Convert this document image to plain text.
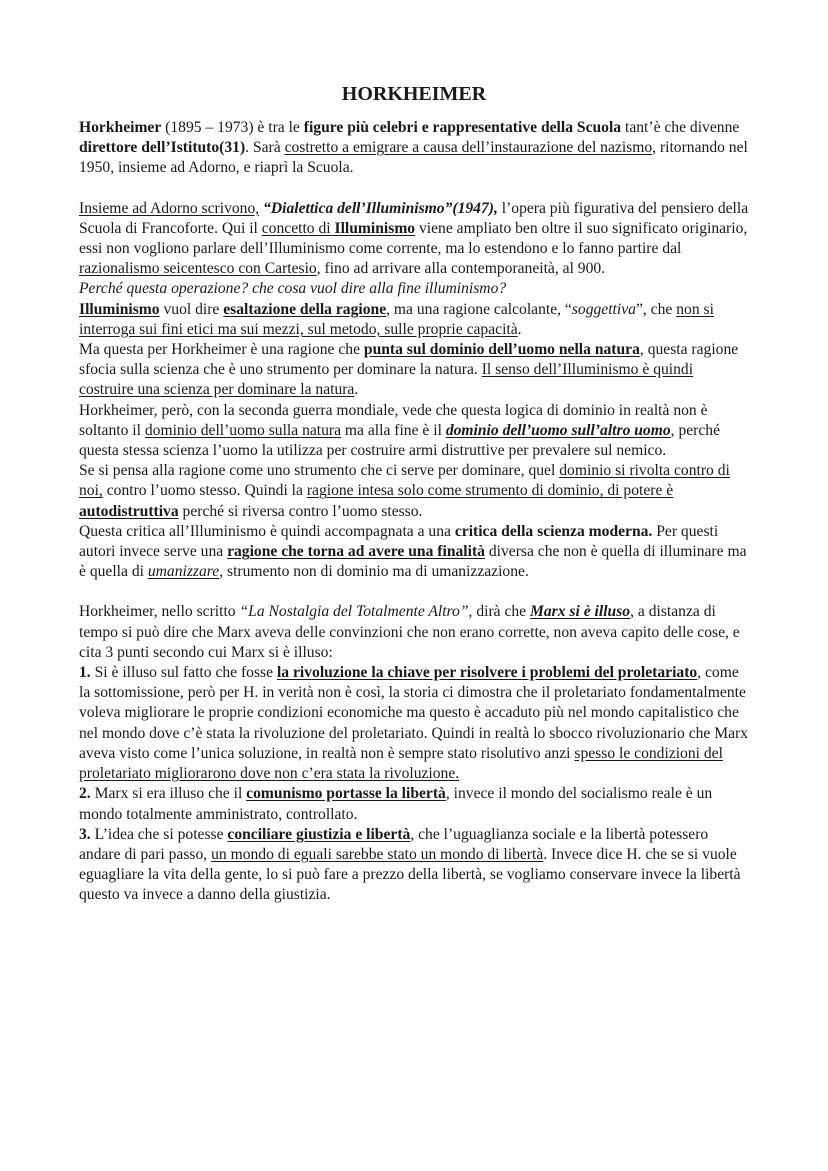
HORKHEIMER

Horkheimer (1895 – 1973) è tra le figure più celebri e rappresentative della Scuola tant’è che divenne direttore dell’Istituto(31). Sarà costretto a emigrare a causa dell’instaurazione del nazismo, ritornando nel 1950, insieme ad Adorno, e riaprì la Scuola.

Insieme ad Adorno scrivono, “Dialettica dell’Illuminismo”(1947), l’opera più figurativa del pensiero della Scuola di Francoforte. Qui il concetto di Illuminismo viene ampliato ben oltre il suo significato originario, essi non vogliono parlare dell’Illuminismo come corrente, ma lo estendono e lo fanno partire dal razionalismo seicentesco con Cartesio, fino ad arrivare alla contemporaneità, al 900.

Perché questa operazione? che cosa vuol dire alla fine illuminismo?

Illuminismo vuol dire esaltazione della ragione, ma una ragione calcolante, “soggettiva”, che non si interroga sui fini etici ma sui mezzi, sul metodo, sulle proprie capacità.

Ma questa per Horkheimer è una ragione che punta sul dominio dell’uomo nella natura, questa ragione sfocia sulla scienza che è uno strumento per dominare la natura. Il senso dell’Illuminismo è quindi costruire una scienza per dominare la natura.

Horkheimer, però, con la seconda guerra mondiale, vede che questa logica di dominio in realtà non è soltanto il dominio dell’uomo sulla natura ma alla fine è il dominio dell’uomo sull’altro uomo, perché questa stessa scienza l’uomo la utilizza per costruire armi distruttive per prevalere sul nemico.

Se si pensa alla ragione come uno strumento che ci serve per dominare, quel dominio si rivolta contro di noi, contro l’uomo stesso. Quindi la ragione intesa solo come strumento di dominio, di potere è autodistruttiva perché si riversa contro l’uomo stesso.

Questa critica all’Illuminismo è quindi accompagnata a una critica della scienza moderna. Per questi autori invece serve una ragione che torna ad avere una finalità diversa che non è quella di illuminare ma è quella di umanizzare, strumento non di dominio ma di umanizzazione.

Horkheimer, nello scritto “La Nostalgia del Totalmente Altro”, dirà che Marx si è illuso, a distanza di tempo si può dire che Marx aveva delle convinzioni che non erano corrette, non aveva capito delle cose, e cita 3 punti secondo cui Marx si è illuso:

1. Si è illuso sul fatto che fosse la rivoluzione la chiave per risolvere i problemi del proletariato, come la sottomissione, però per H. in verità non è così, la storia ci dimostra che il proletariato fondamentalmente voleva migliorare le proprie condizioni economiche ma questo è accaduto più nel mondo capitalistico che nel mondo dove c’è stata la rivoluzione del proletariato. Quindi in realtà lo sbocco rivoluzionario che Marx aveva visto come l’unica soluzione, in realtà non è sempre stato risolutivo anzi spesso le condizioni del proletariato migliorarono dove non c’era stata la rivoluzione.

2. Marx si era illuso che il comunismo portasse la libertà, invece il mondo del socialismo reale è un mondo totalmente amministrato, controllato.

3. L’idea che si potesse conciliare giustizia e libertà, che l’uguaglianza sociale e la libertà potessero andare di pari passo, un mondo di eguali sarebbe stato un mondo di libertà. Invece dice H. che se si vuole eguagliare la vita della gente, lo si può fare a prezzo della libertà, se vogliamo conservare invece la libertà questo va invece a danno della giustizia.
